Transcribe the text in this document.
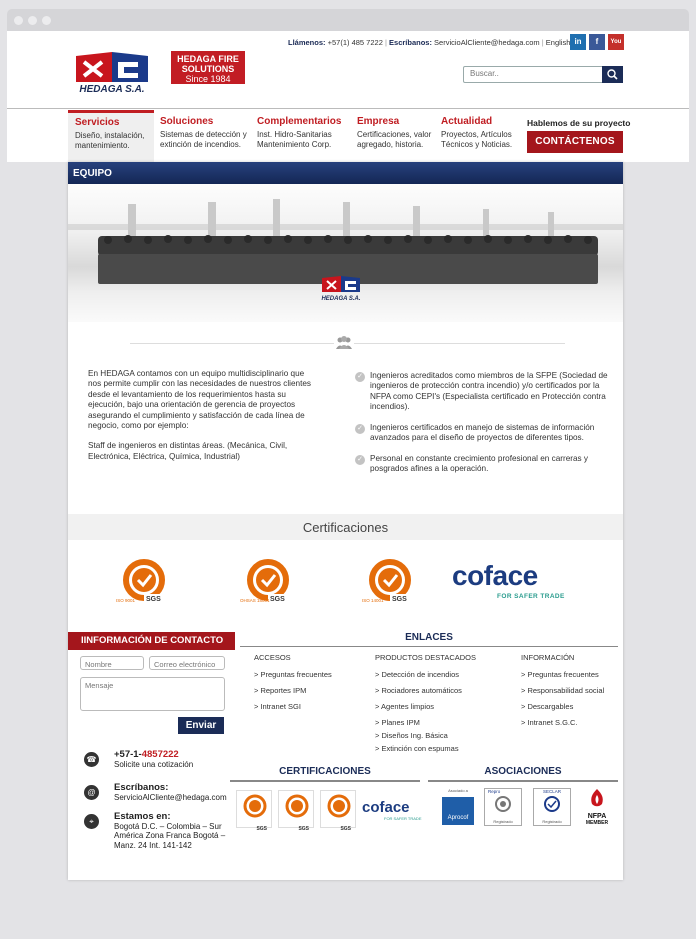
HEDAGA S.A.
HEDAGA FIRE
SOLUTIONS
Since 1984
Llámenos: +57(1) 485 7222 | Escríbanos: ServicioAlCliente@hedaga.com | English in	f	You
Buscar..
Servicios
Diseño, instalación, mantenimiento.
Soluciones
Sistemas de detección y extinción de incendios.
Complementarios
Inst. Hidro-Sanitarias Mantenimiento Corp.
Empresa
Certificaciones, valor agregado, historia.
Actualidad
Proyectos, Artículos Técnicos y Noticias.
Hablemos de su proyecto
CONTÁCTENOS
EQUIPO
HEDAGA S.A.

En HEDAGA contamos con un equipo multidisciplinario que nos permite cumplir con las necesidades de nuestros clientes desde el levantamiento de los requerimientos hasta su ejecución, bajo una orientación de gerencia de proyectos asegurando el cumplimiento y satisfacción de cada línea de negocio, como por ejemplo:

Staff de ingenieros en distintas áreas. (Mecánica, Civil, Electrónica, Eléctrica, Química, Industrial)

✓ Ingenieros acreditados como miembros de la SFPE (Sociedad de ingenieros de protección contra incendio) y/o certificados por la NFPA como CEPI's (Especialista certificado en Protección contra incendios).
✓ Ingenieros certificados en manejo de sistemas de información avanzados para el diseño de proyectos de diferentes tipos.
✓ Personal en constante crecimiento profesional en carreras y posgrados afines a la operación.
Certificaciones
SGS
ISO 9001	SGS
OHSAS 18001	SGS
ISO 14001
coface
FOR SAFER TRADE
IINFORMACIÓN DE CONTACTO
Nombre	Correo electrónico
Mensaje
Enviar
☎ +57-1-4857222
Solicite una cotización
@	Escríbanos:
ServicioAlCliente@hedaga.com
⌖	Estamos en:
Bogotá D.C. – Colombia – Sur América Zona Franca Bogotá – Manz. 24 Int. 141-142
ENLACES
ACCESOS
> Preguntas frecuentes
> Reportes IPM
> Intranet SGI
PRODUCTOS DESTACADOS
> Detección de incendios
> Rociadores automáticos
> Agentes limpios
> Planes IPM
> Diseños Ing. Básica
> Extinción con espumas
INFORMACIÓN
> Preguntas frecuentes
> Responsabilidad social
> Descargables
> Intranet S.G.C.
CERTIFICACIONES
SGS	SGS	SGS
coface
FOR SAFER TRADE
ASOCIACIONES
Asociado a
Aprocof
Repro
Registrado
SECLAR
Registrado
NFPA
MEMBER
